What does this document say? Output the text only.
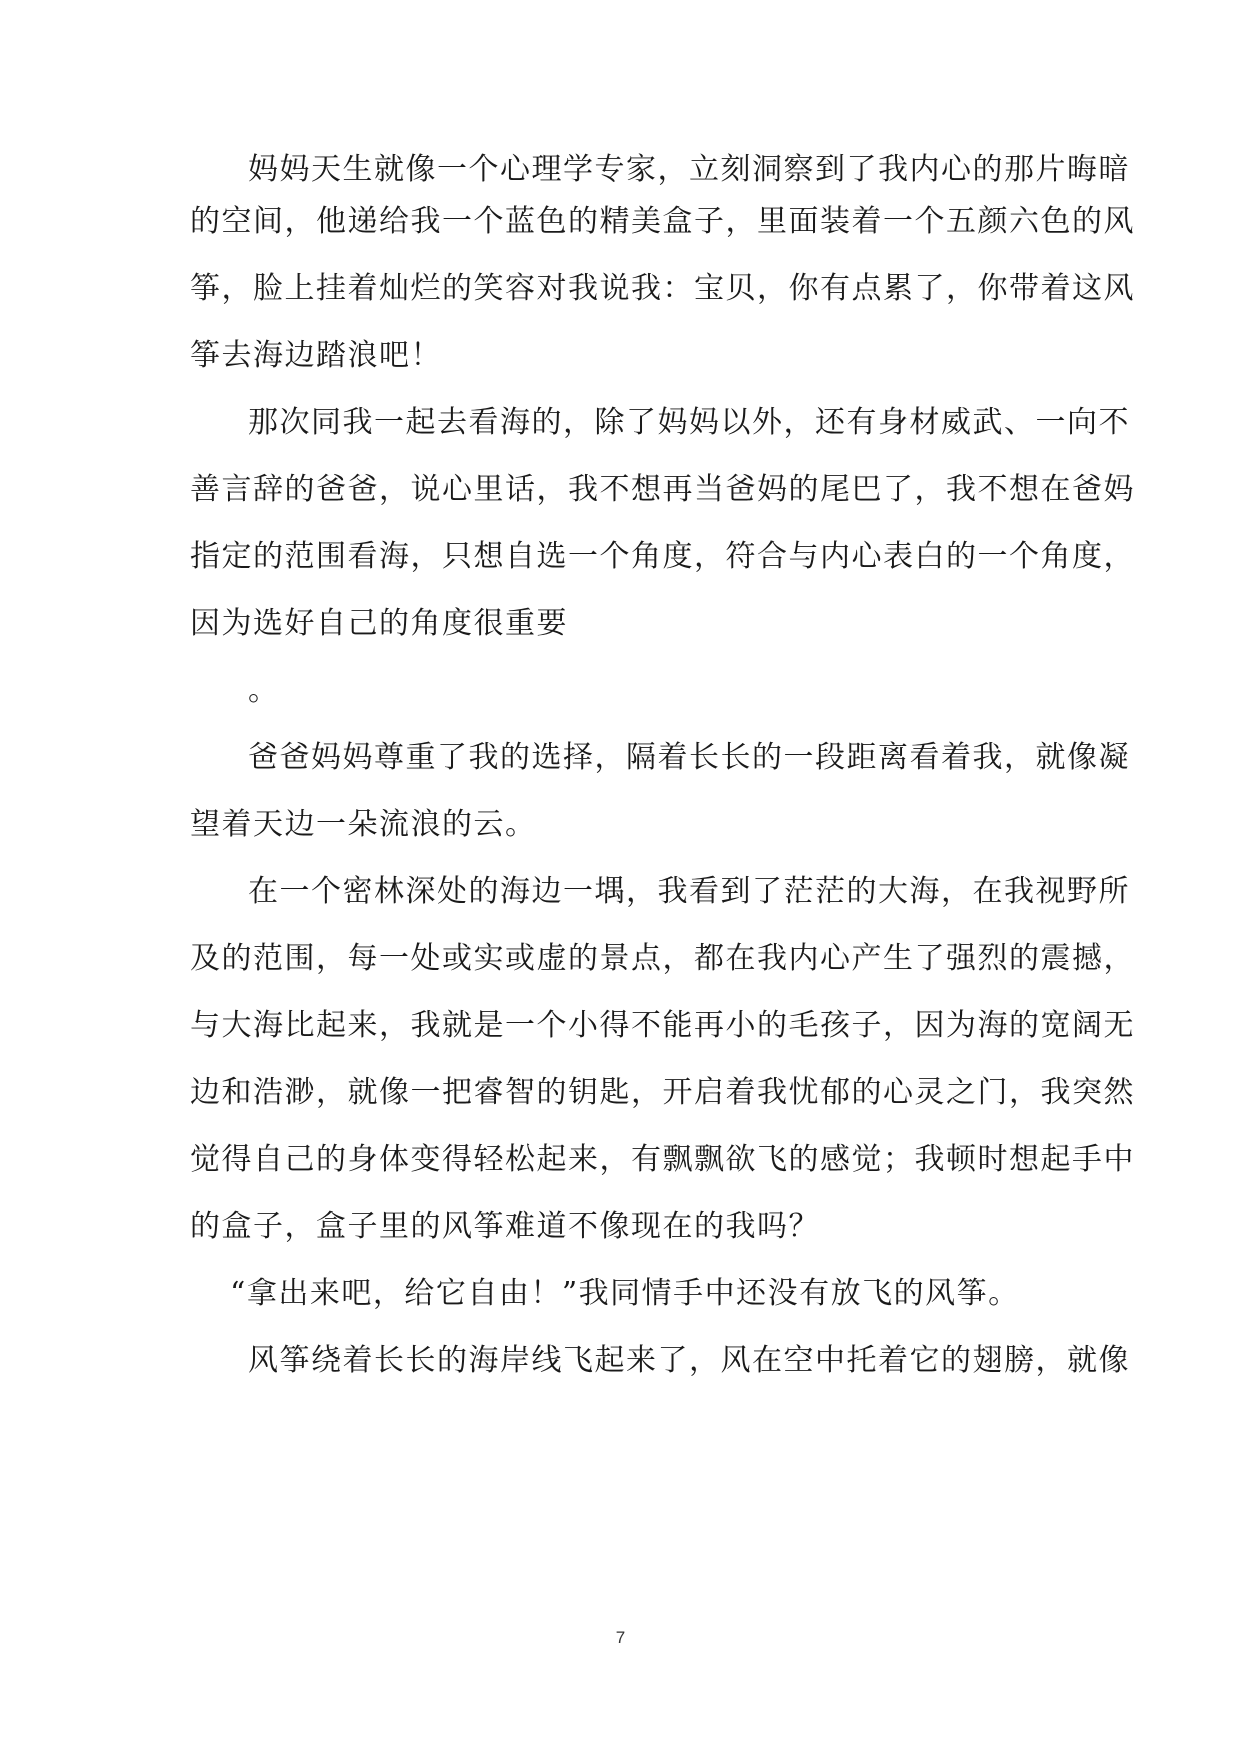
妈妈天生就像一个心理学专家，立刻洞察到了我内心的那片晦暗
的空间，他递给我一个蓝色的精美盒子，里面装着一个五颜六色的风
筝，脸上挂着灿烂的笑容对我说我：宝贝，你有点累了，你带着这风
筝去海边踏浪吧！
那次同我一起去看海的，除了妈妈以外，还有身材威武、一向不
善言辞的爸爸，说心里话，我不想再当爸妈的尾巴了，我不想在爸妈
指定的范围看海，只想自选一个角度，符合与内心表白的一个角度，
因为选好自己的角度很重要
。
爸爸妈妈尊重了我的选择，隔着长长的一段距离看着我，就像凝
望着天边一朵流浪的云。
在一个密林深处的海边一堣，我看到了茫茫的大海，在我视野所
及的范围，每一处或实或虚的景点，都在我内心产生了强烈的震撼，
与大海比起来，我就是一个小得不能再小的毛孩子，因为海的宽阔无
边和浩渺，就像一把睿智的钥匙，开启着我忧郁的心灵之门，我突然
觉得自己的身体变得轻松起来，有飘飘欲飞的感觉；我顿时想起手中
的盒子，盒子里的风筝难道不像现在的我吗？
“拿出来吧，给它自由！”我同情手中还没有放飞的风筝。
风筝绕着长长的海岸线飞起来了，风在空中托着它的翅膀，就像
7
